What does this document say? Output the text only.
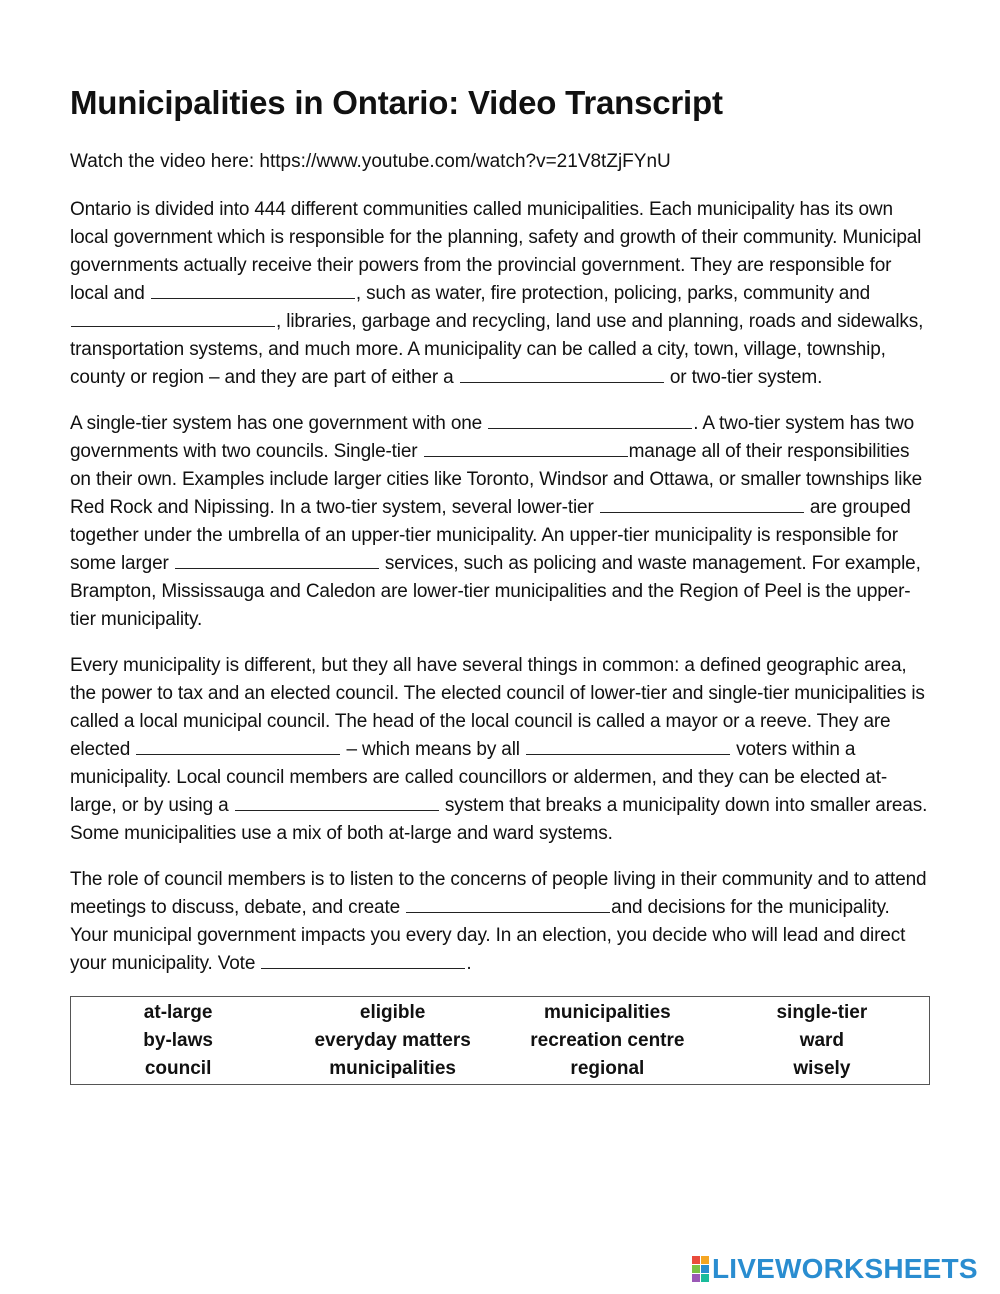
Municipalities in Ontario: Video Transcript
Watch the video here: https://www.youtube.com/watch?v=21V8tZjFYnU

Ontario is divided into 444 different communities called municipalities. Each municipality has its own local government which is responsible for the planning, safety and growth of their community. Municipal governments actually receive their powers from the provincial government. They are responsible for local and	, such as water, fire protection, policing, parks, community and , libraries, garbage and recycling, land use and planning, roads and sidewalks, transportation systems, and much more. A municipality can be called a city, town, village, township, county or region – and they are part of either a	or two-tier system.

A single-tier system has one government with one	. A two-tier system has two governments with two councils. Single-tier	manage all of their responsibilities on their own. Examples include larger cities like Toronto, Windsor and Ottawa, or smaller townships like Red Rock and Nipissing. In a two-tier system, several lower-tier	are grouped together under the umbrella of an upper-tier municipality. An upper-tier municipality is responsible for some larger	services, such as policing and waste management. For example, Brampton, Mississauga and Caledon are lower-tier municipalities and the Region of Peel is the upper-tier municipality.

Every municipality is different, but they all have several things in common: a defined geographic area, the power to tax and an elected council. The elected council of lower-tier and single-tier municipalities is called a local municipal council. The head of the local council is called a mayor or a reeve. They are elected	– which means by all	voters within a municipality. Local council members are called councillors or aldermen, and they can be elected at-large, or by using a	system that breaks a municipality down into smaller areas. Some municipalities use a mix of both at-large and ward systems.

The role of council members is to listen to the concerns of people living in their community and to attend meetings to discuss, debate, and create	and decisions for the municipality. Your municipal government impacts you every day. In an election, you decide who will lead and direct your municipality. Vote	.

at-large	eligible	municipalities	single-tier
by-laws	everyday matters	recreation centre	ward
council	municipalities	regional	wisely
LIVEWORKSHEETS
